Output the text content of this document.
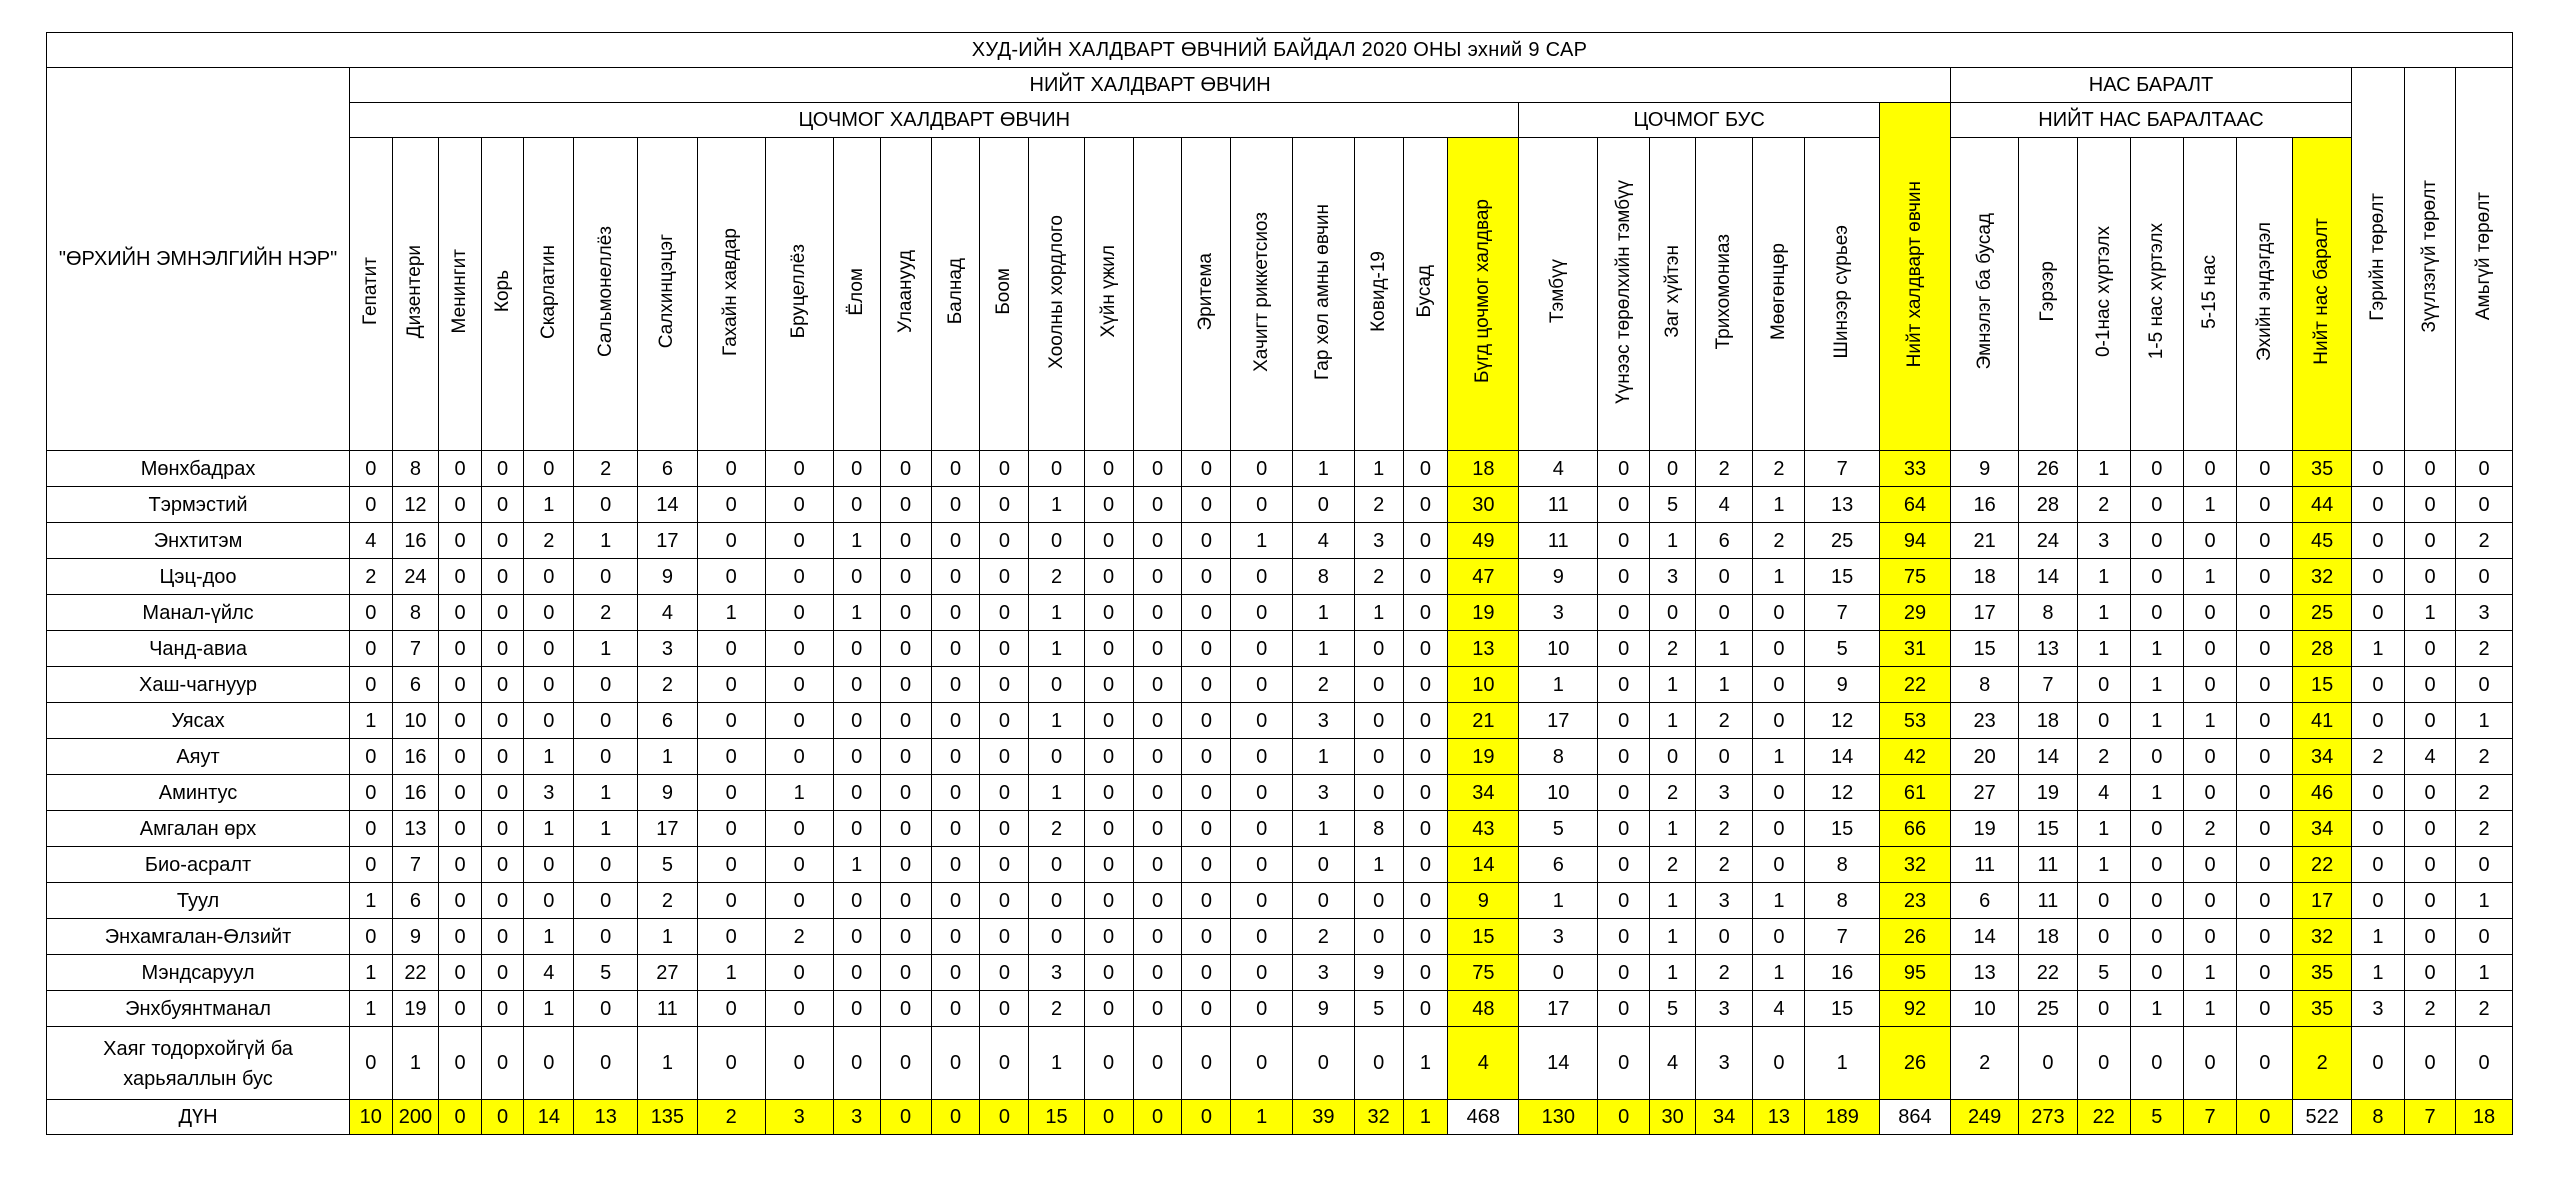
ХУД-ИЙН ХАЛДВАРТ ӨВЧНИЙ БАЙДАЛ 2020 ОНЫ эхний 9 САР																																							
"ӨРХИЙН ЭМНЭЛГИЙН НЭР"	НИЙТ ХАЛДВАРТ ӨВЧИН																													НАС БАРАЛТ							Гэрийн төрөлт	Зүүлзэгүй төрөлт	Амьгүй төрөлт
	ЦОЧМОГ ХАЛДВАРТ ӨВЧИН																						ЦОЧМОГ БУС						Нийт халдварт өвчин	НИЙТ НАС БАРАЛТААС									
	Гепатит	Дизентери	Менингит	Корь	Скарлатин	Сальмонеллёз	Салхинцэцэг	Гахайн хавдар	Бруцеллёз	Ёлом	Улаанууд	Балнад	Боом	Хоолны хордлого	Хүйн үжил		Эритема	Хачигт риккетсиоз	Гар хөл амны өвчин	Ковид-19	Бусад	Бүгд цочмог халдвар	Тэмбүү	Үүнээс төрөлхийн тэмбүү	Заг хүйтэн	Трихомониаз	Мөөгөнцөр	Шинээр сүрьеэ		Эмнэлэг ба бусад	Гэрээр	0-1нас хүртэлх	1-5 нас хүртэлх	5-15 нас	Эхийн эндэгдэл	Нийт нас баралт			
Мөнхбадрах	0	8	0	0	0	2	6	0	0	0	0	0	0	0	0	0	0	0	1	1	0	18	4	0	0	2	2	7	33	9	26	1	0	0	0	35	0	0	0
Тэрмэстий	0	12	0	0	1	0	14	0	0	0	0	0	0	1	0	0	0	0	0	2	0	30	11	0	5	4	1	13	64	16	28	2	0	1	0	44	0	0	0
Энхтитэм	4	16	0	0	2	1	17	0	0	1	0	0	0	0	0	0	0	1	4	3	0	49	11	0	1	6	2	25	94	21	24	3	0	0	0	45	0	0	2
Цэц-доо	2	24	0	0	0	0	9	0	0	0	0	0	0	2	0	0	0	0	8	2	0	47	9	0	3	0	1	15	75	18	14	1	0	1	0	32	0	0	0
Манал-үйлс	0	8	0	0	0	2	4	1	0	1	0	0	0	1	0	0	0	0	1	1	0	19	3	0	0	0	0	7	29	17	8	1	0	0	0	25	0	1	3
Чанд-авиа	0	7	0	0	0	1	3	0	0	0	0	0	0	1	0	0	0	0	1	0	0	13	10	0	2	1	0	5	31	15	13	1	1	0	0	28	1	0	2
Хаш-чагнуур	0	6	0	0	0	0	2	0	0	0	0	0	0	0	0	0	0	0	2	0	0	10	1	0	1	1	0	9	22	8	7	0	1	0	0	15	0	0	0
Уясах	1	10	0	0	0	0	6	0	0	0	0	0	0	1	0	0	0	0	3	0	0	21	17	0	1	2	0	12	53	23	18	0	1	1	0	41	0	0	1
Аяут	0	16	0	0	1	0	1	0	0	0	0	0	0	0	0	0	0	0	1	0	0	19	8	0	0	0	1	14	42	20	14	2	0	0	0	34	2	4	2
Аминтус	0	16	0	0	3	1	9	0	1	0	0	0	0	1	0	0	0	0	3	0	0	34	10	0	2	3	0	12	61	27	19	4	1	0	0	46	0	0	2
Амгалан өрх	0	13	0	0	1	1	17	0	0	0	0	0	0	2	0	0	0	0	1	8	0	43	5	0	1	2	0	15	66	19	15	1	0	2	0	34	0	0	2
Био-асралт	0	7	0	0	0	0	5	0	0	1	0	0	0	0	0	0	0	0	0	1	0	14	6	0	2	2	0	8	32	11	11	1	0	0	0	22	0	0	0
Туул	1	6	0	0	0	0	2	0	0	0	0	0	0	0	0	0	0	0	0	0	0	9	1	0	1	3	1	8	23	6	11	0	0	0	0	17	0	0	1
Энхамгалан-Өлзийт	0	9	0	0	1	0	1	0	2	0	0	0	0	0	0	0	0	0	2	0	0	15	3	0	1	0	0	7	26	14	18	0	0	0	0	32	1	0	0
Мэндсаруул	1	22	0	0	4	5	27	1	0	0	0	0	0	3	0	0	0	0	3	9	0	75	0	0	1	2	1	16	95	13	22	5	0	1	0	35	1	0	1
Энхбуянтманал	1	19	0	0	1	0	11	0	0	0	0	0	0	2	0	0	0	0	9	5	0	48	17	0	5	3	4	15	92	10	25	0	1	1	0	35	3	2	2
Хаяг тодорхойгүй ба харьяаллын бус	0	1	0	0	0	0	1	0	0	0	0	0	0	1	0	0	0	0	0	0	1	4	14	0	4	3	0	1	26	2	0	0	0	0	0	2	0	0	0
ДҮН	10	200	0	0	14	13	135	2	3	3	0	0	0	15	0	0	0	1	39	32	1	468	130	0	30	34	13	189	864	249	273	22	5	7	0	522	8	7	18
